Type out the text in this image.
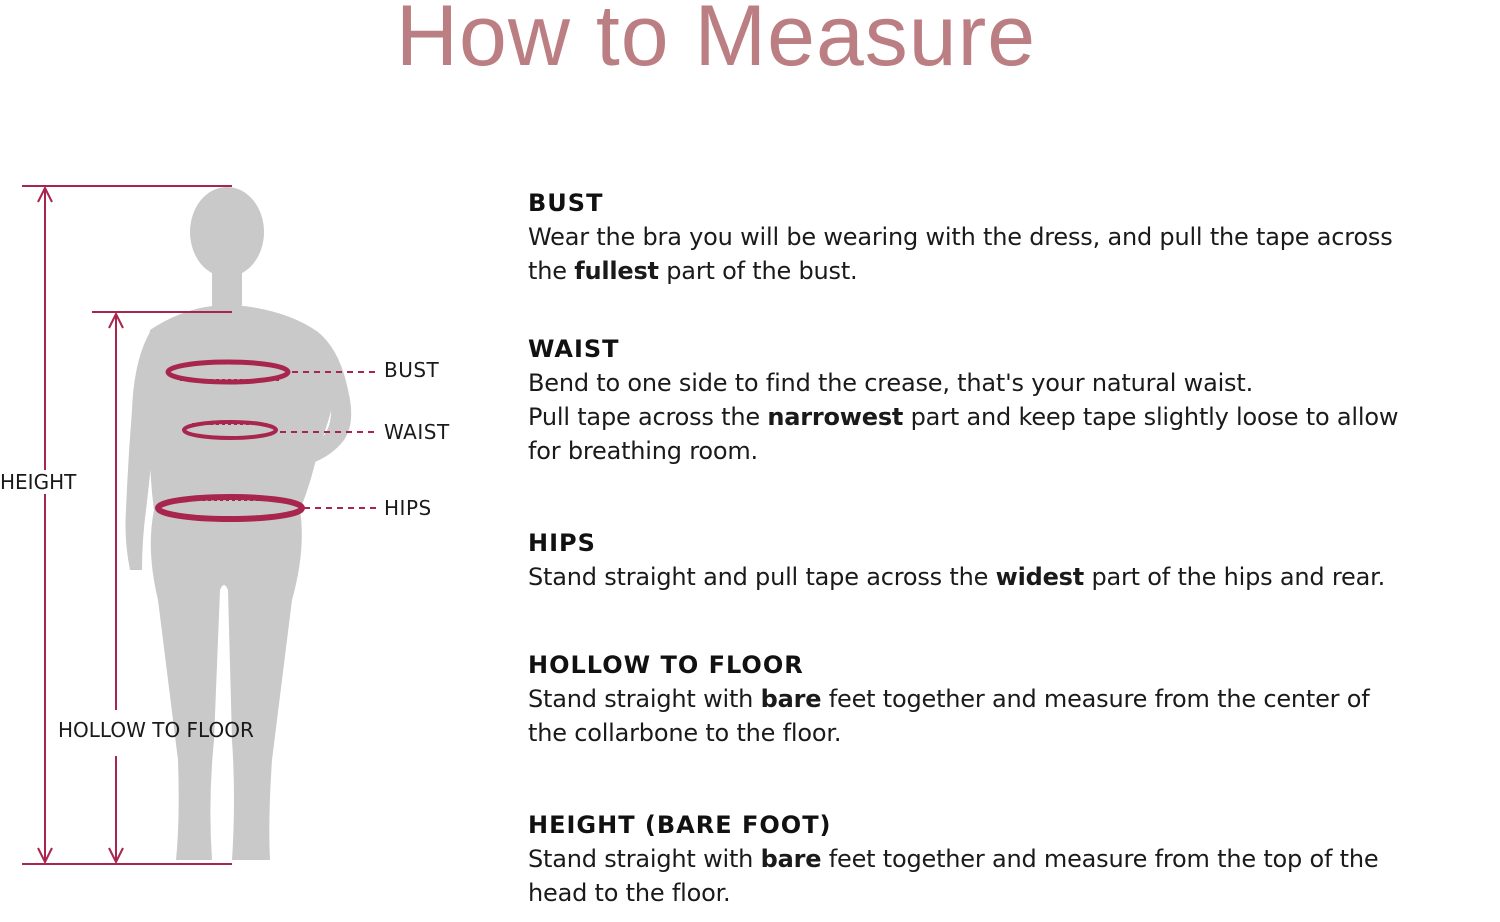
How to Measure
BUST
WAIST
HIPS
HEIGHT
HOLLOW TO FLOOR
BUST

Wear the bra you will be wearing with the dress, and pull the tape across

the fullest part of the bust.

WAIST

Bend to one side to find the crease, that's your natural waist.

Pull tape across the narrowest part and keep tape slightly loose to allow

for breathing room.

HIPS

Stand straight and pull tape across the widest part of the hips and rear.

HOLLOW TO FLOOR

Stand straight with bare feet together and measure from the center of

the collarbone to the floor.

HEIGHT (BARE FOOT)

Stand straight with bare feet together and measure from the top of the

head to the floor.
